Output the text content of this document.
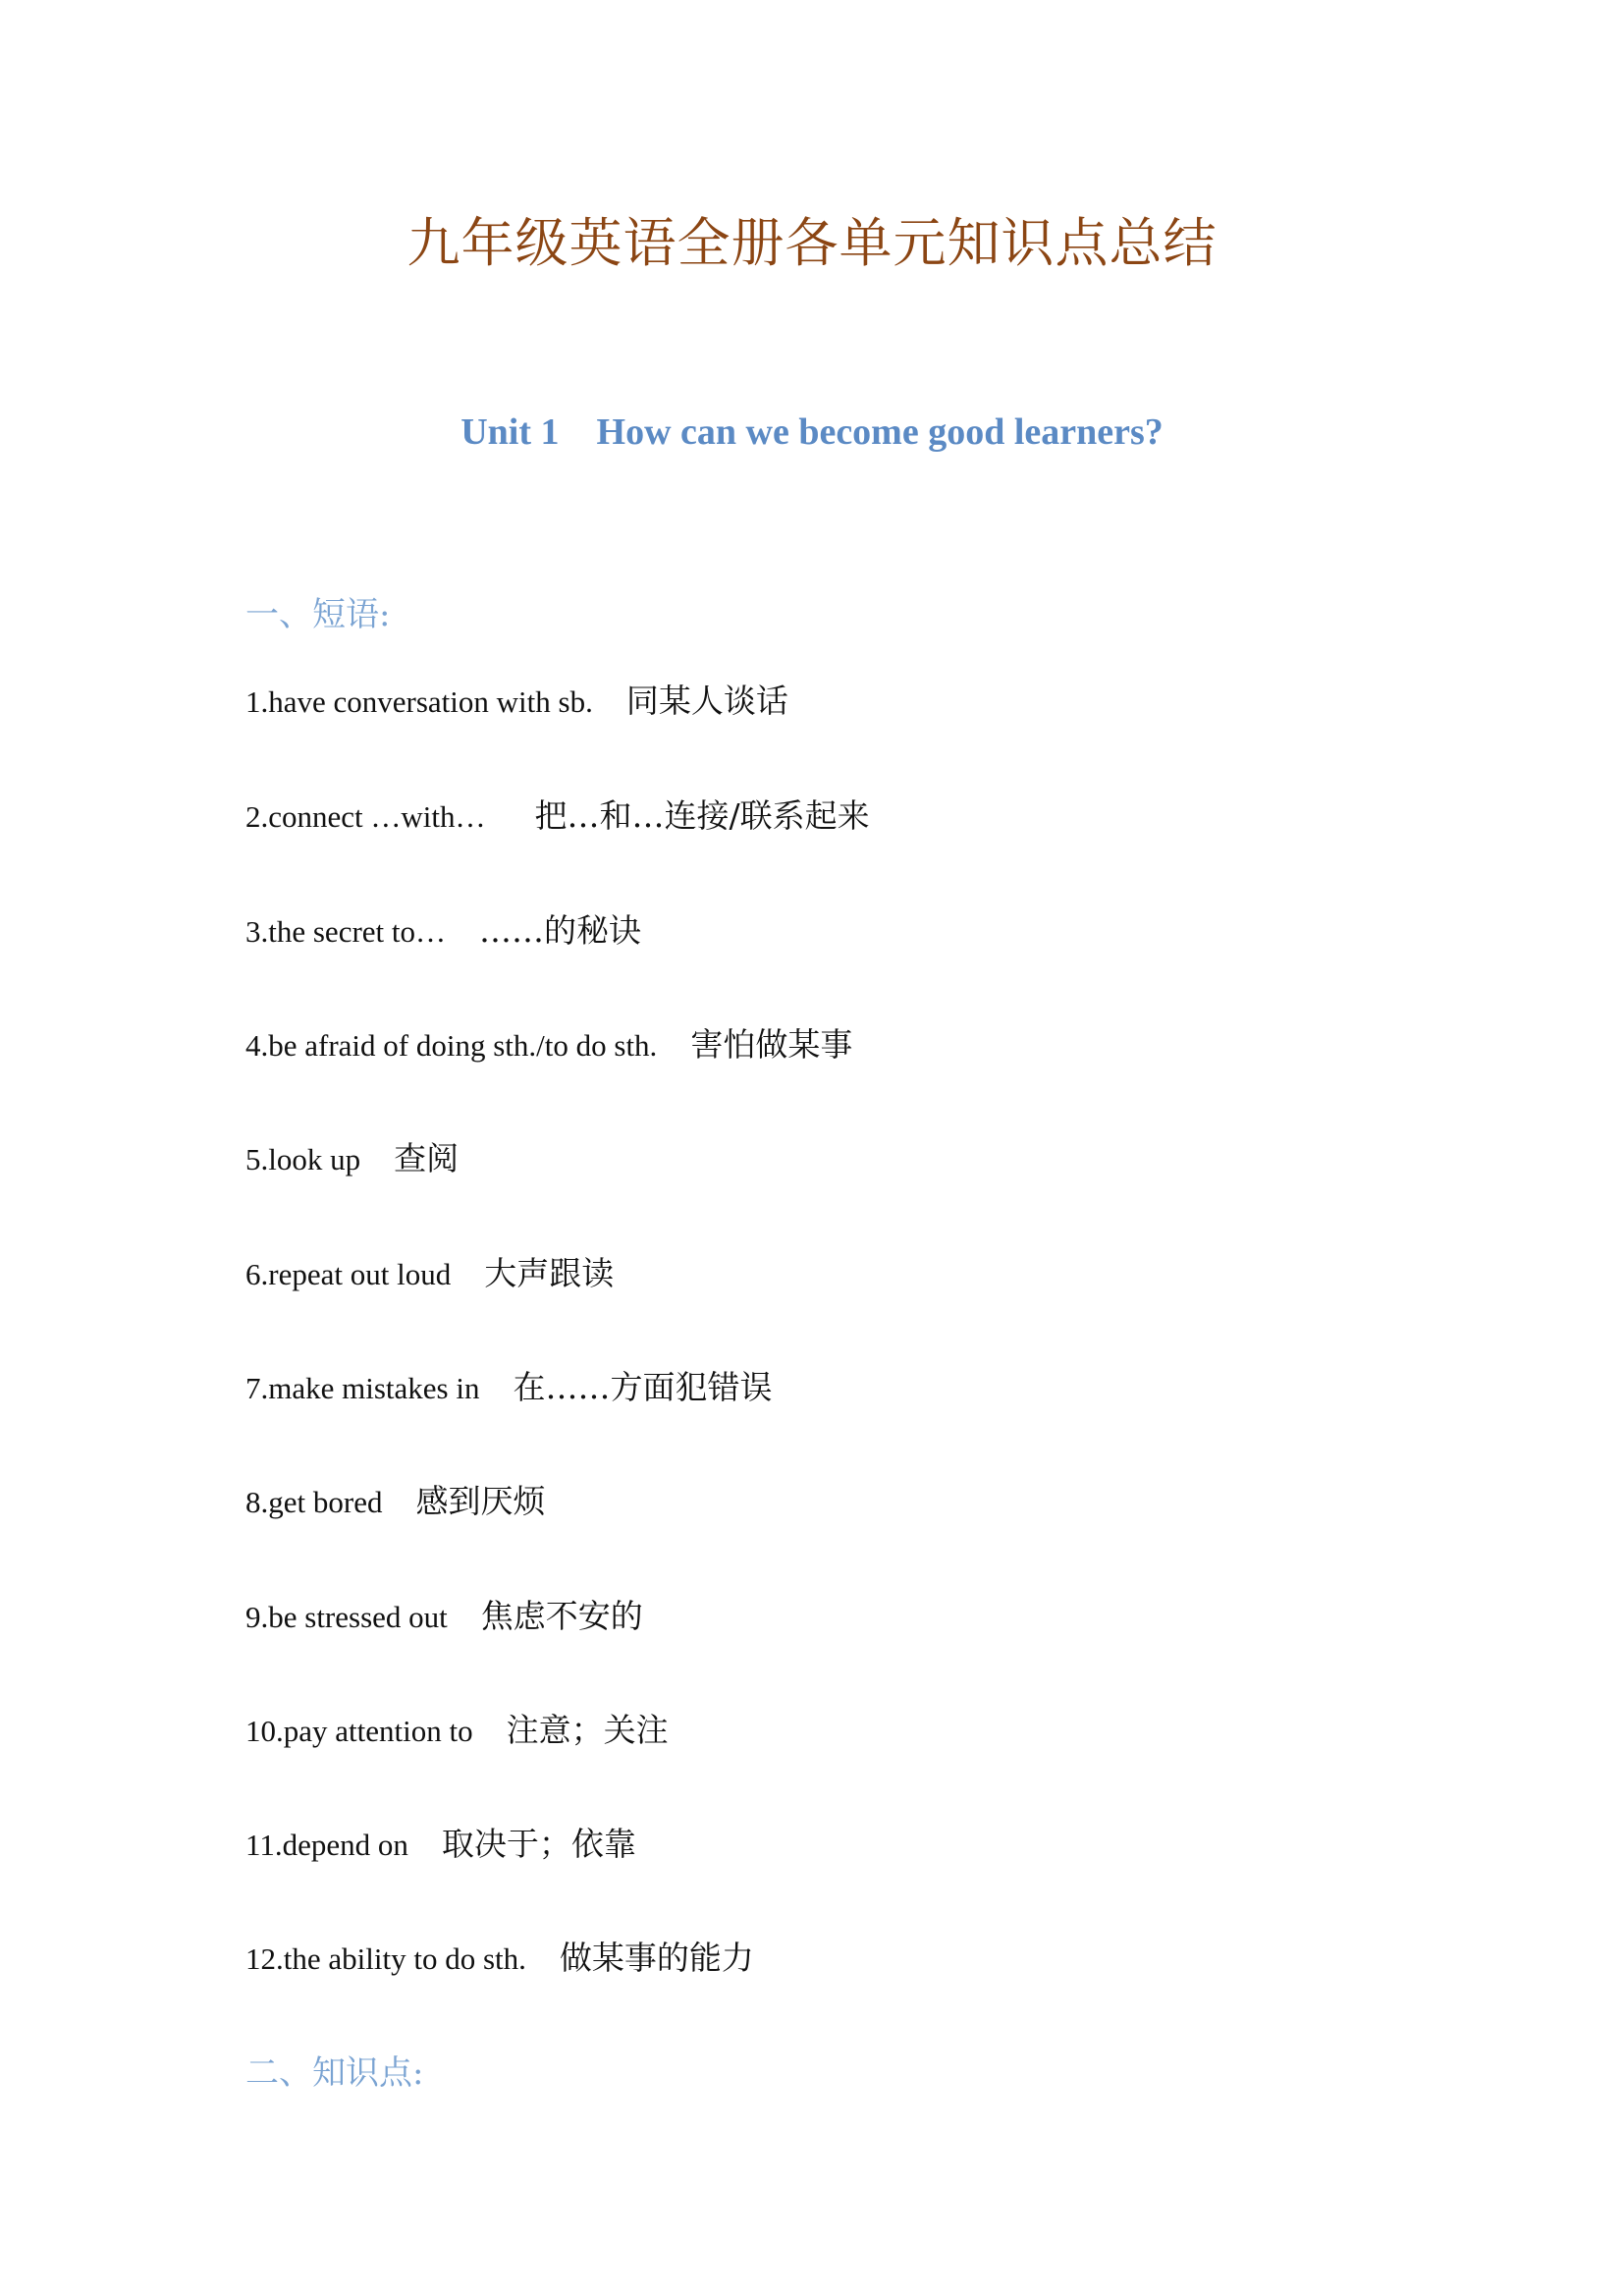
九年级英语全册各单元知识点总结
Unit 1    How can we become good learners?
一、短语:
1.have conversation with sb. 同某人谈话
2.connect …with… 把…和…连接/联系起来
3.the secret to… ……的秘诀
4.be afraid of doing sth./to do sth. 害怕做某事
5.look up 查阅
6.repeat out loud 大声跟读
7.make mistakes in 在……方面犯错误
8.get bored 感到厌烦
9.be stressed out 焦虑不安的
10.pay attention to 注意；关注
11.depend on 取决于；依靠
12.the ability to do sth. 做某事的能力
二、知识点:
